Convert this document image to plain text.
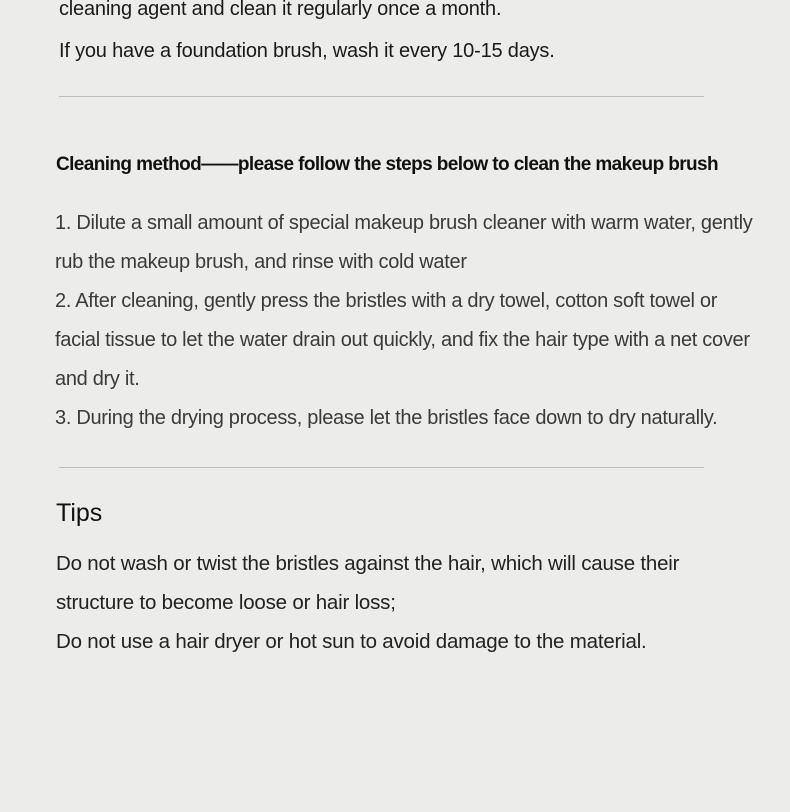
cleaning agent and clean it regularly once a month.
If you have a foundation brush, wash it every 10-15 days.
Cleaning method——please follow the steps below to clean the makeup brush

1. Dilute a small amount of special makeup brush cleaner with warm water, gently rub the makeup brush, and rinse with cold water

2. After cleaning, gently press the bristles with a dry towel, cotton soft towel or facial tissue to let the water drain out quickly, and fix the hair type with a net cover and dry it.

3. During the drying process, please let the bristles face down to dry naturally.

Tips

Do not wash or twist the bristles against the hair, which will cause their structure to become loose or hair loss;

Do not use a hair dryer or hot sun to avoid damage to the material.
